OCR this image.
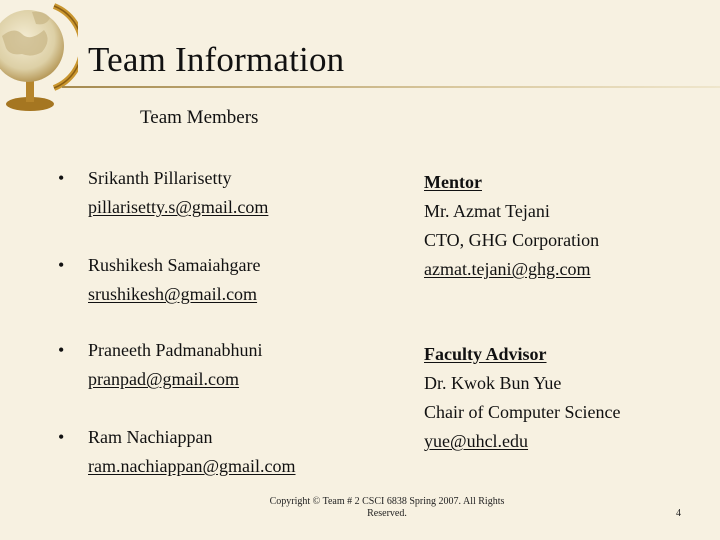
Team Information
Team Members
•	Srikanth Pillarisetty
pillarisetty.s@gmail.com
•	Rushikesh Samaiahgare
srushikesh@gmail.com
•	Praneeth Padmanabhuni
pranpad@gmail.com
•	Ram Nachiappan
ram.nachiappan@gmail.com
Mentor
Mr. Azmat Tejani
CTO, GHG Corporation
azmat.tejani@ghg.com
Faculty Advisor
Dr. Kwok Bun Yue
Chair of Computer Science
yue@uhcl.edu
Copyright © Team # 2 CSCI 6838 Spring 2007. All Rights
Reserved.	4
